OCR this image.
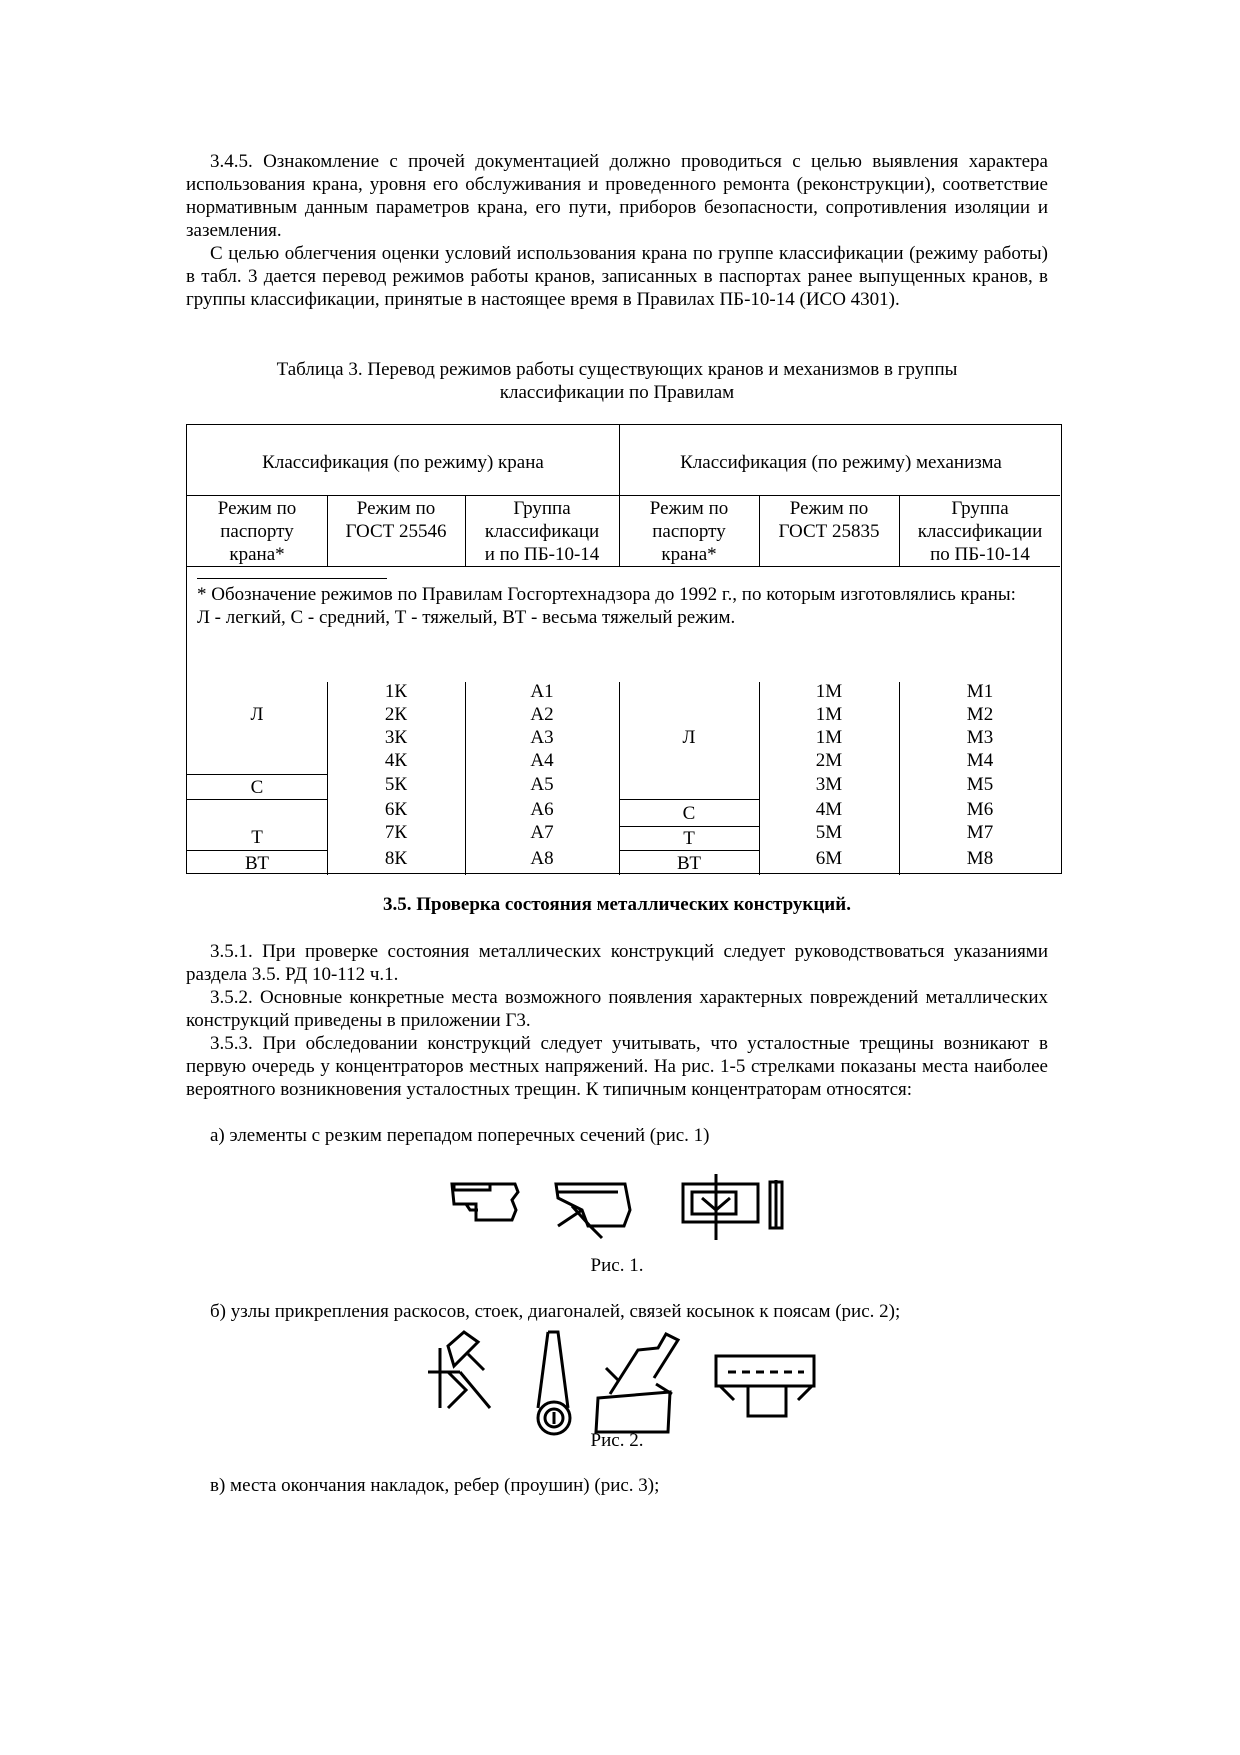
3.4.5. Ознакомление с прочей документацией должно проводиться с целью выявления характера использования крана, уровня его обслуживания и проведенного ремонта (реконструкции), соответствие нормативным данным параметров крана, его пути, приборов безопасности, сопротивления изоляции и заземления.

С целью облегчения оценки условий использования крана по группе классификации (режиму работы) в табл. 3 дается перевод режимов работы кранов, записанных в паспортах ранее выпущенных кранов, в группы классификации, принятые в настоящее время в Правилах ПБ-10-14 (ИСО 4301).

Таблица 3. Перевод режимов работы существующих кранов и механизмов в группы
классификации по Правилам

Классификация (по режиму) крана	Классификация (по режиму) механизма
Режим по
паспорту
крана*
Режим по
ГОСТ 25546
Группа
классификаци
и по ПБ-10-14
Режим по
паспорту
крана*
Режим по
ГОСТ 25835
Группа
классификации
по ПБ-10-14
* Обозначение режимов по Правилам Госгортехнадзора до 1992 г., по которым изготовлялись краны:
Л - легкий, С - средний, Т - тяжелый, ВТ - весьма тяжелый режим.
Л
С
Т
ВТ
Л
С
Т
ВТ
1К
2К
3К
4К
5К
6К
7К
8К
А1
А2
А3
А4
А5
А6
А7
А8
1М
1М
1М
2М
3М
4М
5М
6М
М1
М2
М3
М4
М5
М6
М7
М8

3.5. Проверка состояния металлических конструкций.

3.5.1. При проверке состояния металлических конструкций следует руководствоваться указаниями раздела 3.5. РД 10-112 ч.1.

3.5.2. Основные конкретные места возможного появления характерных повреждений металлических конструкций приведены в приложении Г3.

3.5.3. При обследовании конструкций следует учитывать, что усталостные трещины возникают в первую очередь у концентраторов местных напряжений. На рис. 1-5 стрелками показаны места наиболее вероятного возникновения усталостных трещин. К типичным концентраторам относятся:

а) элементы с резким перепадом поперечных сечений (рис. 1)

Рис. 1.

б) узлы прикрепления раскосов, стоек, диагоналей, связей косынок к поясам (рис. 2);

Рис. 2.

в) места окончания накладок, ребер (проушин) (рис. 3);
